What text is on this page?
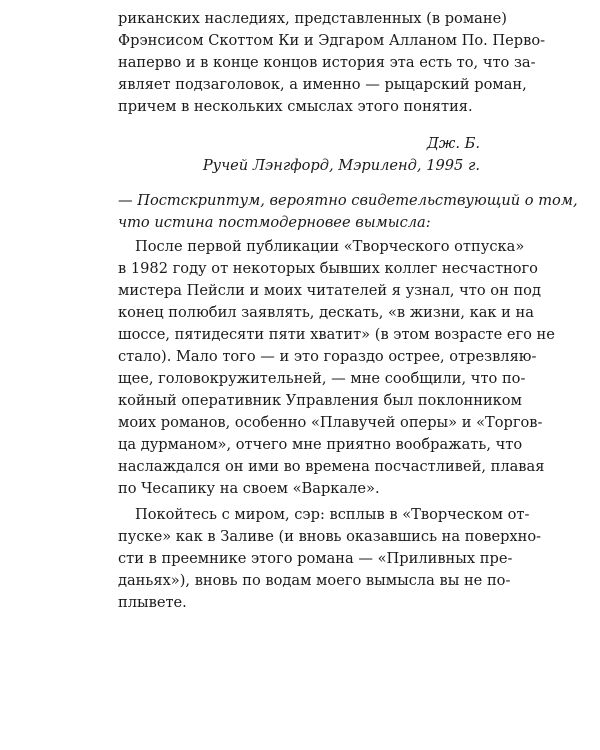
риканских наследиях, представленных (в романе)

Фрэнсисом Скоттом Ки и Эдгаром Алланом По. Перво-

наперво и в конце концов история эта есть то, что за-

являет подзаголовок, а именно — рыцарский роман,

причем в нескольких смыслах этого понятия.

Дж. Б.

Ручей Лэнгфорд, Мэриленд, 1995 г.

— Постскриптум, вероятно свидетельствующий о том,

что истина постмодерновее вымысла:

После первой публикации «Творческого отпуска»

в 1982 году от некоторых бывших коллег несчастного

мистера Пейсли и моих читателей я узнал, что он под

конец полюбил заявлять, дескать, «в жизни, как и на

шоссе, пятидесяти пяти хватит» (в этом возрасте его не

стало). Мало того — и это гораздо острее, отрезвляю-

щее, головокружительней, — мне сообщили, что по-

койный оперативник Управления был поклонником

моих романов, особенно «Плавучей оперы» и «Торгов-

ца дурманом», отчего мне приятно воображать, что

наслаждался он ими во времена посчастливей, плавая

по Чесапику на своем «Варкале».

Покойтесь с миром, сэр: всплыв в «Творческом от-

пуске» как в Заливе (и вновь оказавшись на поверхно-

сти в преемнике этого романа — «Приливных пре-

даньях»), вновь по водам моего вымысла вы не по-

плывете.
